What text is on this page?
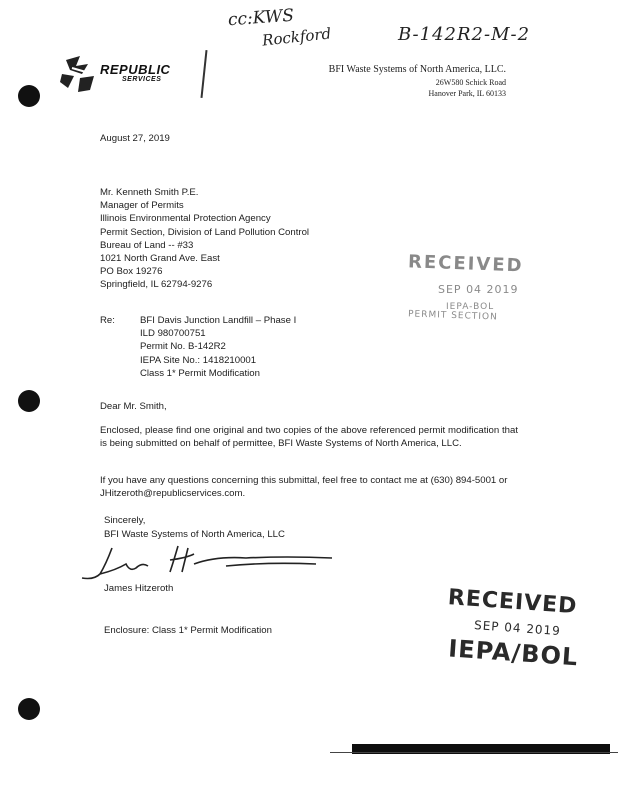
cc:KWS
Rockford	B-142R2-M-2
REPUBLIC
SERVICES
BFI Waste Systems of North America, LLC.
26W580 Schick Road
Hanover Park, IL 60133
August 27, 2019
Mr. Kenneth Smith P.E.
Manager of Permits
Illinois Environmental Protection Agency
Permit Section, Division of Land Pollution Control
Bureau of Land -- #33
1021 North Grand Ave. East
PO Box 19276
Springfield, IL 62794-9276
RECEIVED
SEP 04 2019
IEPA-BOL
PERMIT SECTION
Re:	BFI Davis Junction Landfill – Phase I
ILD 980700751
Permit No. B-142R2
IEPA Site No.: 1418210001
Class 1* Permit Modification
Dear Mr. Smith,
Enclosed, please find one original and two copies of the above referenced permit modification that is being submitted on behalf of permittee, BFI Waste Systems of North America, LLC.
If you have any questions concerning this submittal, feel free to contact me at (630) 894-5001 or JHitzeroth@republicservices.com.
Sincerely,
BFI Waste Systems of North America, LLC
James Hitzeroth
Enclosure: Class 1* Permit Modification
RECEIVED
SEP 04 2019
IEPA/BOL
